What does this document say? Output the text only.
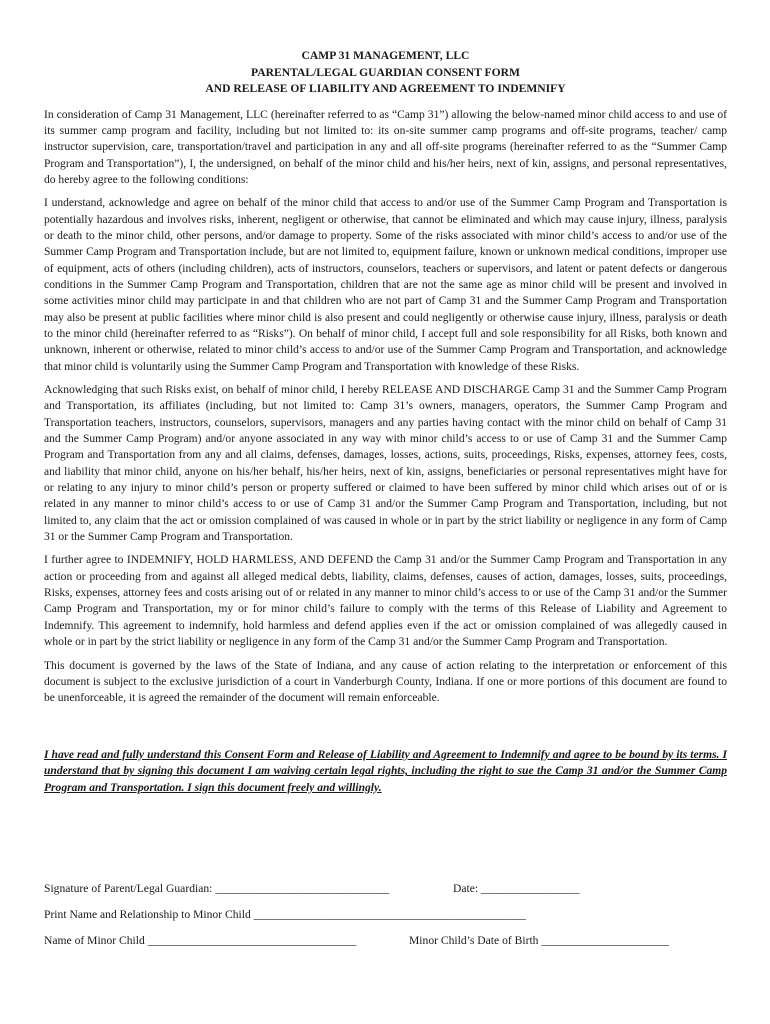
CAMP 31 MANAGEMENT, LLC
PARENTAL/LEGAL GUARDIAN CONSENT FORM
AND RELEASE OF LIABILITY AND AGREEMENT TO INDEMNIFY

In consideration of Camp 31 Management, LLC (hereinafter referred to as “Camp 31”) allowing the below-named minor child access to and use of its summer camp program and facility, including but not limited to: its on-site summer camp programs and off-site programs, teacher/ camp instructor supervision, care, transportation/travel and participation in any and all off-site programs (hereinafter referred to as the “Summer Camp Program and Transportation”), I, the undersigned, on behalf of the minor child and his/her heirs, next of kin, assigns, and personal representatives, do hereby agree to the following conditions:

I understand, acknowledge and agree on behalf of the minor child that access to and/or use of the Summer Camp Program and Transportation is potentially hazardous and involves risks, inherent, negligent or otherwise, that cannot be eliminated and which may cause injury, illness, paralysis or death to the minor child, other persons, and/or damage to property. Some of the risks associated with minor child’s access to and/or use of the Summer Camp Program and Transportation include, but are not limited to, equipment failure, known or unknown medical conditions, improper use of equipment, acts of others (including children), acts of instructors, counselors, teachers or supervisors, and latent or patent defects or dangerous conditions in the Summer Camp Program and Transportation, children that are not the same age as minor child will be present and involved in some activities minor child may participate in and that children who are not part of Camp 31 and the Summer Camp Program and Transportation may also be present at public facilities where minor child is also present and could negligently or otherwise cause injury, illness, paralysis or death to the minor child (hereinafter referred to as “Risks”). On behalf of minor child, I accept full and sole responsibility for all Risks, both known and unknown, inherent or otherwise, related to minor child’s access to and/or use of the Summer Camp Program and Transportation, and acknowledge that minor child is voluntarily using the Summer Camp Program and Transportation with knowledge of these Risks.

Acknowledging that such Risks exist, on behalf of minor child, I hereby RELEASE AND DISCHARGE Camp 31 and the Summer Camp Program and Transportation, its affiliates (including, but not limited to: Camp 31’s owners, managers, operators, the Summer Camp Program and Transportation teachers, instructors, counselors, supervisors, managers and any parties having contact with the minor child on behalf of Camp 31 and the Summer Camp Program) and/or anyone associated in any way with minor child’s access to or use of Camp 31 and the Summer Camp Program and Transportation from any and all claims, defenses, damages, losses, actions, suits, proceedings, Risks, expenses, attorney fees, costs, and liability that minor child, anyone on his/her behalf, his/her heirs, next of kin, assigns, beneficiaries or personal representatives might have for or relating to any injury to minor child’s person or property suffered or claimed to have been suffered by minor child which arises out of or is related in any manner to minor child’s access to or use of Camp 31 and/or the Summer Camp Program and Transportation, including, but not limited to, any claim that the act or omission complained of was caused in whole or in part by the strict liability or negligence in any form of Camp 31 or the Summer Camp Program and Transportation.

I further agree to INDEMNIFY, HOLD HARMLESS, AND DEFEND the Camp 31 and/or the Summer Camp Program and Transportation in any action or proceeding from and against all alleged medical debts, liability, claims, defenses, causes of action, damages, losses, suits, proceedings, Risks, expenses, attorney fees and costs arising out of or related in any manner to minor child’s access to or use of the Camp 31 and/or the Summer Camp Program and Transportation, my or for minor child’s failure to comply with the terms of this Release of Liability and Agreement to Indemnify. This agreement to indemnify, hold harmless and defend applies even if the act or omission complained of was allegedly caused in whole or in part by the strict liability or negligence in any form of the Camp 31 and/or the Summer Camp Program and Transportation.

This document is governed by the laws of the State of Indiana, and any cause of action relating to the interpretation or enforcement of this document is subject to the exclusive jurisdiction of a court in Vanderburgh County, Indiana. If one or more portions of this document are found to be unenforceable, it is agreed the remainder of the document will remain enforceable.

I have read and fully understand this Consent Form and Release of Liability and Agreement to Indemnify and agree to be bound by its terms. I understand that by signing this document I am waiving certain legal rights, including the right to sue the Camp 31 and/or the Summer Camp Program and Transportation. I sign this document freely and willingly.

Signature of Parent/Legal Guardian: ______________________________	Date: _________________
Print Name and Relationship to Minor Child _______________________________________________
Name of Minor Child ____________________________________	Minor Child’s Date of Birth ______________________
